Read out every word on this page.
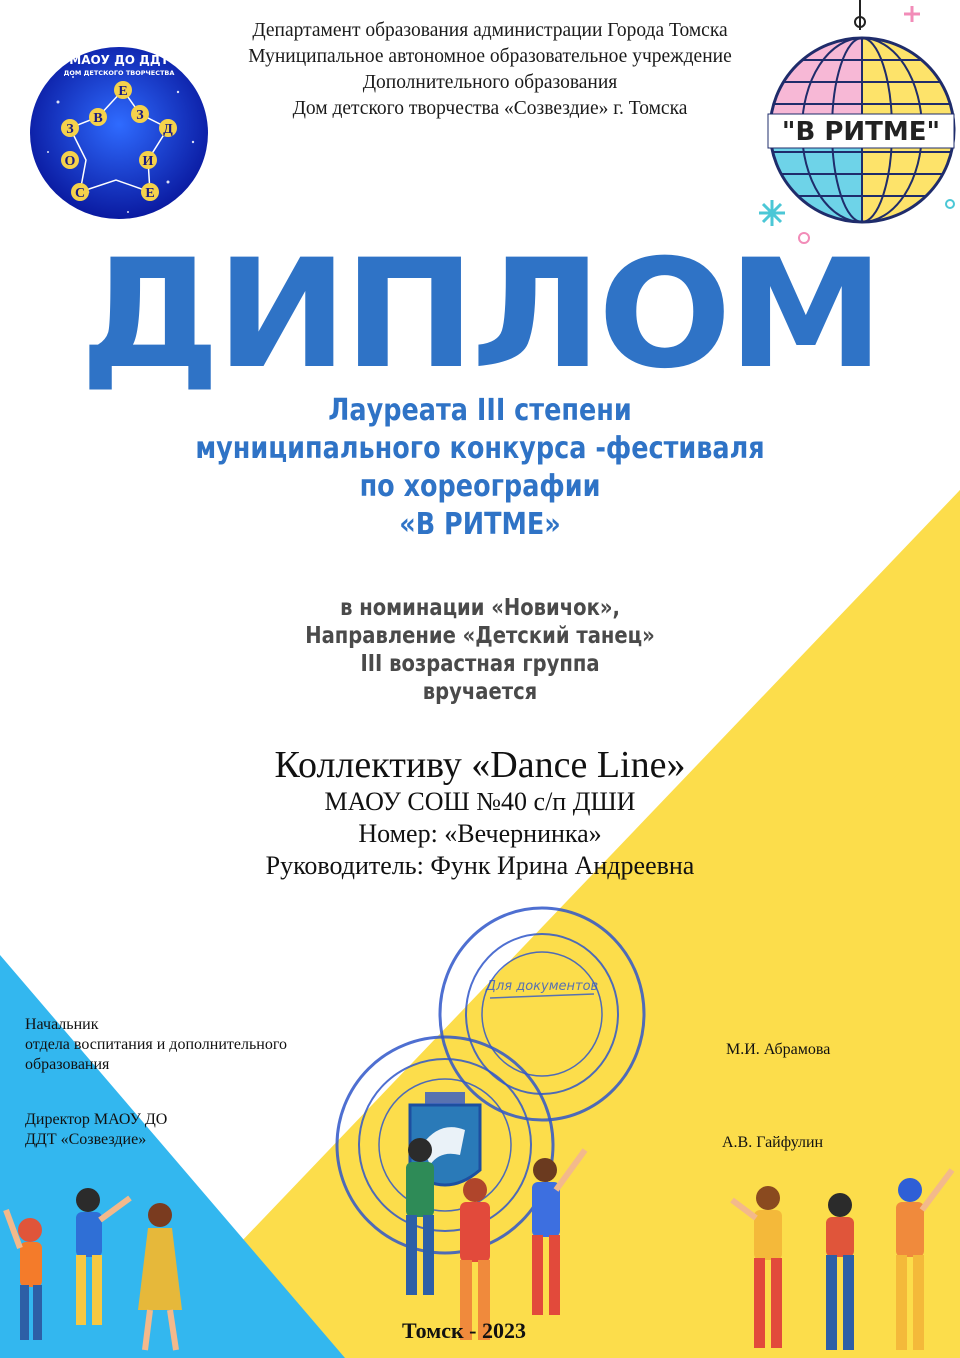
Департамент образования администрации Города Томска
Муниципальное автономное образовательное учреждение
Дополнительного образования
Дом детского творчества «Созвездие» г. Томска
МАОУ ДО ДДТ
ДОМ ДЕТСКОГО ТВОРЧЕСТВА
С
О
З
В
Е
З
Д
И
Е
"В РИТМЕ"
ДИПЛОМ
Лауреата III степени
муниципального конкурса -фестиваля
по хореографии
«В РИТМЕ»
в номинации «Новичок»,
Направление «Детский танец»
III возрастная группа
вручается
Коллективу «Dance Line»
МАОУ СОШ №40 с/п ДШИ
Номер: «Вечернинка»
Руководитель: Функ Ирина Андреевна
Для документов
Начальник
отдела воспитания и дополнительного
образования
М.И. Абрамова
Директор МАОУ ДО
ДДТ «Созвездие»	А.В. Гайфулин
Томск - 2023
